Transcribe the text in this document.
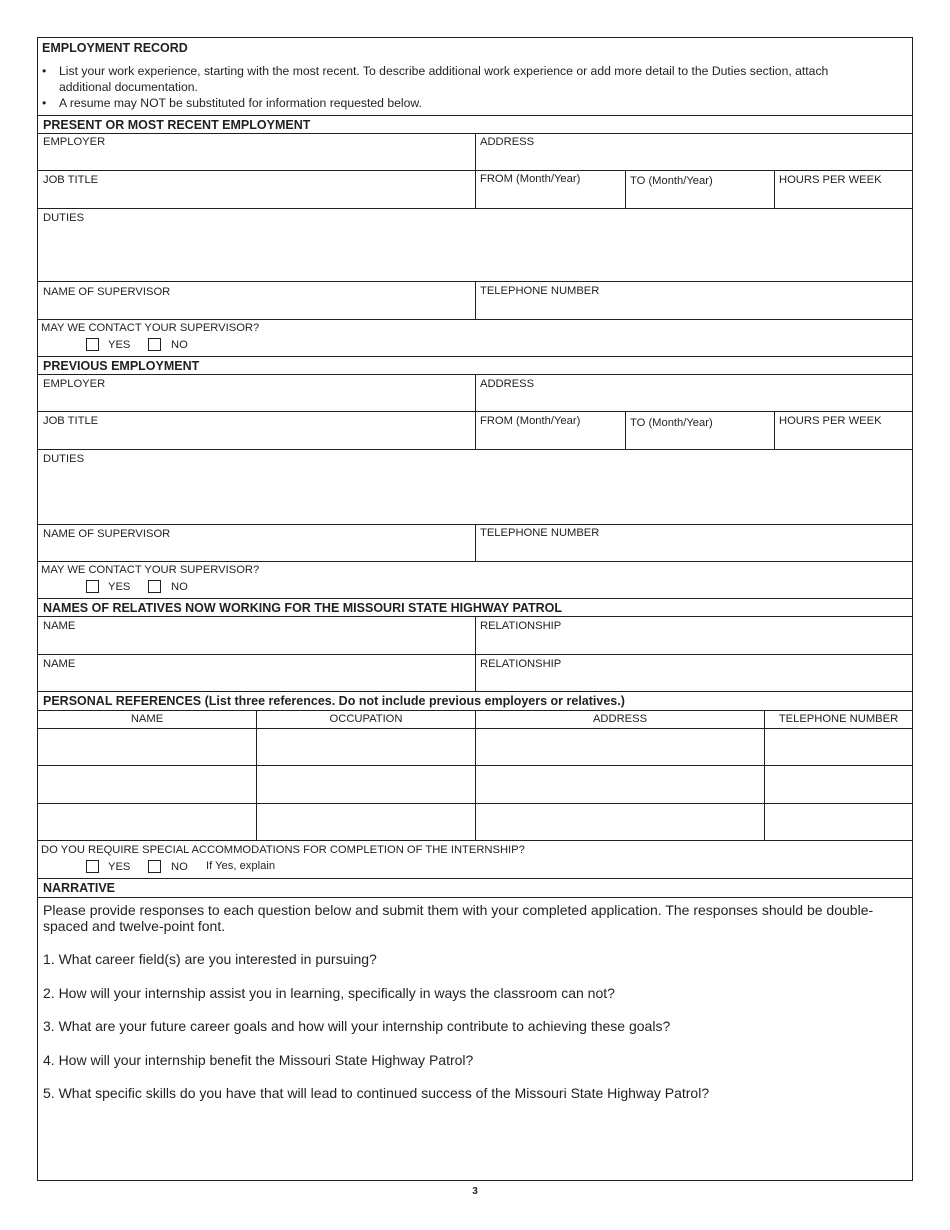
EMPLOYMENT RECORD
• List your work experience, starting with the most recent. To describe additional work experience or add more detail to the Duties section, attach
additional documentation.
• A resume may NOT be substituted for information requested below.
PRESENT OR MOST RECENT EMPLOYMENT
EMPLOYER	ADDRESS
JOB TITLE	FROM (Month/Year)	TO (Month/Year)	HOURS PER WEEK
DUTIES
NAME OF SUPERVISOR	TELEPHONE NUMBER
MAY WE CONTACT YOUR SUPERVISOR?
YES	NO
PREVIOUS EMPLOYMENT
EMPLOYER	ADDRESS
JOB TITLE	FROM (Month/Year)	TO (Month/Year)	HOURS PER WEEK
DUTIES
NAME OF SUPERVISOR	TELEPHONE NUMBER
MAY WE CONTACT YOUR SUPERVISOR?
YES	NO
NAMES OF RELATIVES NOW WORKING FOR THE MISSOURI STATE HIGHWAY PATROL
NAME	RELATIONSHIP
NAME	RELATIONSHIP
PERSONAL REFERENCES (List three references. Do not include previous employers or relatives.)
NAME	OCCUPATION	ADDRESS	TELEPHONE NUMBER
DO YOU REQUIRE SPECIAL ACCOMMODATIONS FOR COMPLETION OF THE INTERNSHIP?
YES	NO If Yes, explain
NARRATIVE
Please provide responses to each question below and submit them with your completed application. The responses should be double-
spaced and twelve-point font.
1. What career field(s) are you interested in pursuing?
2. How will your internship assist you in learning, specifically in ways the classroom can not?
3. What are your future career goals and how will your internship contribute to achieving these goals?
4. How will your internship benefit the Missouri State Highway Patrol?
5. What specific skills do you have that will lead to continued success of the Missouri State Highway Patrol?
3
